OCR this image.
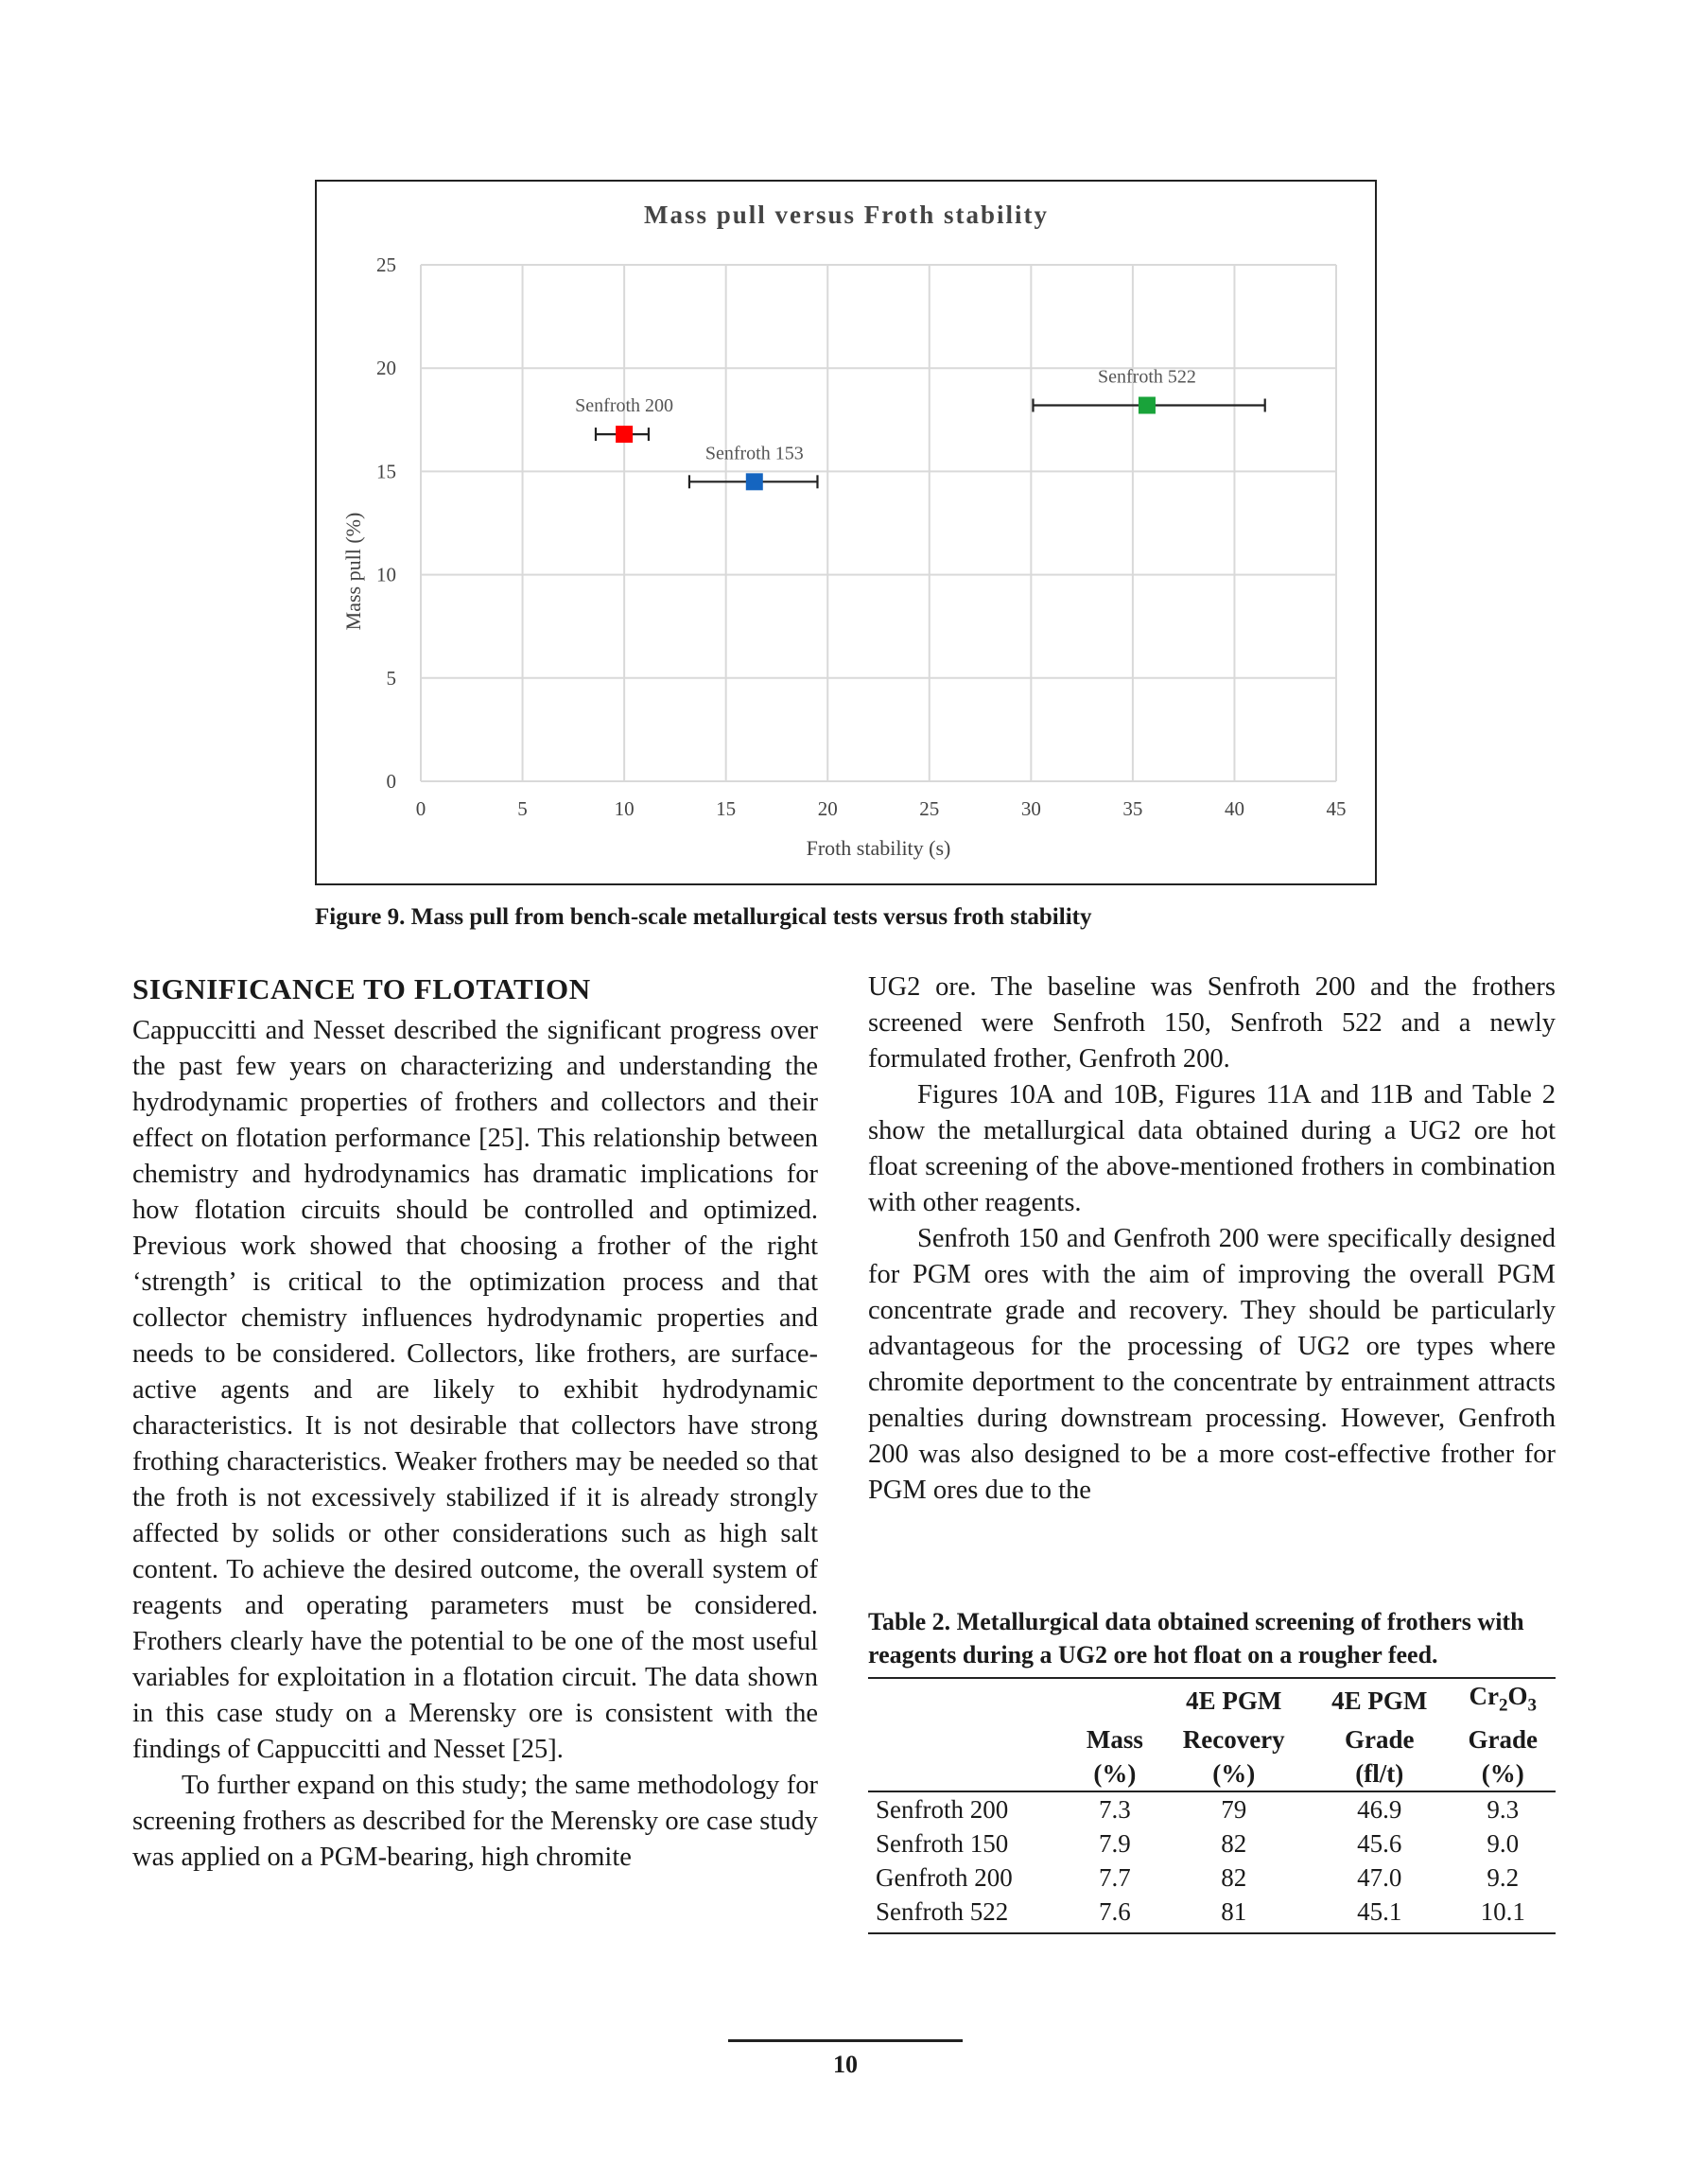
Mass pull versus Froth stability
0	5	10	15	20	25	30	35	40	45
0
5
10
15
20
25
Senfroth 200
Senfroth 153
Senfroth 522
Froth stability (s)
Mass pull (%)
Figure 9. Mass pull from bench-scale metallurgical tests versus froth stability
SIGNIFICANCE TO FLOTATION

Cappuccitti and Nesset described the significant progress over the past few years on characterizing and understanding the hydrodynamic properties of frothers and collectors and their effect on flotation performance [25]. This relationship between chemistry and hydrodynamics has dramatic implications for how flotation circuits should be controlled and optimized. Previous work showed that choosing a frother of the right ‘strength’ is critical to the optimization process and that collector chemistry influences hydrodynamic properties and needs to be considered. Collectors, like frothers, are surface-active agents and are likely to exhibit hydrodynamic characteristics. It is not desirable that collectors have strong frothing characteristics. Weaker frothers may be needed so that the froth is not excessively stabilized if it is already strongly affected by solids or other considerations such as high salt content. To achieve the desired outcome, the overall system of reagents and operating parameters must be considered. Frothers clearly have the potential to be one of the most useful variables for exploitation in a flotation circuit. The data shown in this case study on a Merensky ore is consistent with the findings of Cappuccitti and Nesset [25].

To further expand on this study; the same methodology for screening frothers as described for the Merensky ore case study was applied on a PGM-bearing, high chromite

UG2 ore. The baseline was Senfroth 200 and the frothers screened were Senfroth 150, Senfroth 522 and a newly formulated frother, Genfroth 200.

Figures 10A and 10B, Figures 11A and 11B and Table 2 show the metallurgical data obtained during a UG2 ore hot float screening of the above-mentioned frothers in combination with other reagents.

Senfroth 150 and Genfroth 200 were specifically designed for PGM ores with the aim of improving the overall PGM concentrate grade and recovery. They should be particularly advantageous for the processing of UG2 ore types where chromite deportment to the concentrate by entrainment attracts penalties during downstream processing. However, Genfroth 200 was also designed to be a more cost-effective frother for PGM ores due to the

Table 2. Metallurgical data obtained screening of frothers with reagents during a UG2 ore hot float on a rougher feed.

		4E PGM	4E PGM	$Cr_2O_3$
	Mass	Recovery	Grade	Grade
	(%)	(%)	(fl/t)	(%)
Senfroth 200	7.3	79	46.9	9.3
Senfroth 150	7.9	82	45.6	9.0
Genfroth 200	7.7	82	47.0	9.2
Senfroth 522	7.6	81	45.1	10.1
10
